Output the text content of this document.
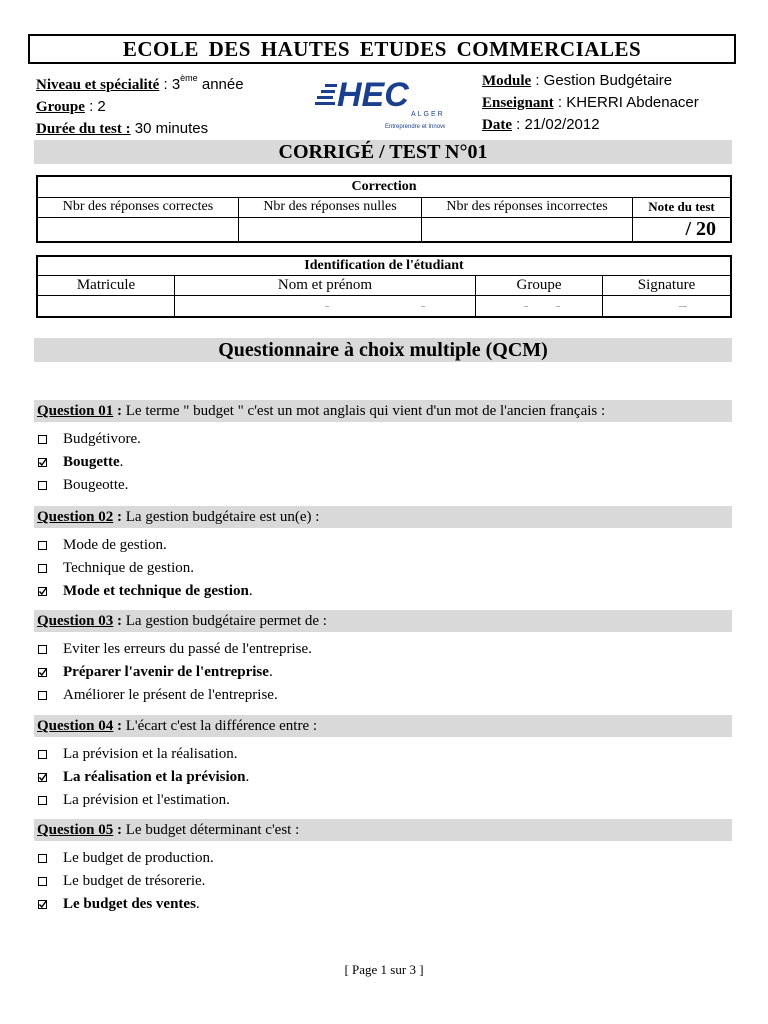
ECOLE DES HAUTES ETUDES COMMERCIALES
Niveau et spécialité : 3ème année
Groupe : 2
Durée du test : 30 minutes
HEC
ALGER
Entreprendre et Innover
Module : Gestion Budgétaire
Enseignant : KHERRI Abdenacer
Date : 21/02/2012
CORRIGÉ / TEST N°01
Correction			
Nbr des réponses correctes	Nbr des réponses nulles	Nbr des réponses incorrectes	Note du test
			/ 20
Identification de l'étudiant			
Matricule	Nom et prénom	Groupe	Signature

	.. ..	.. ..	....
Questionnaire à choix multiple (QCM)
Question 01 : Le terme " budget " c'est un mot anglais qui vient d'un mot de l'ancien français :
Budgétivore.
Bougette .
Bougeotte.
Question 02 : La gestion budgétaire est un(e) :
Mode de gestion.
Technique de gestion.
Mode et technique de gestion .
Question 03 : La gestion budgétaire permet de :
Eviter les erreurs du passé de l'entreprise.
Préparer l'avenir de l'entreprise .
Améliorer le présent de l'entreprise.
Question 04 : L'écart c'est la différence entre :
La prévision et la réalisation.
La réalisation et la prévision .
La prévision et l'estimation.
Question 05 : Le budget déterminant c'est :
Le budget de production.
Le budget de trésorerie.
Le budget des ventes .
[ Page 1 sur 3 ]
